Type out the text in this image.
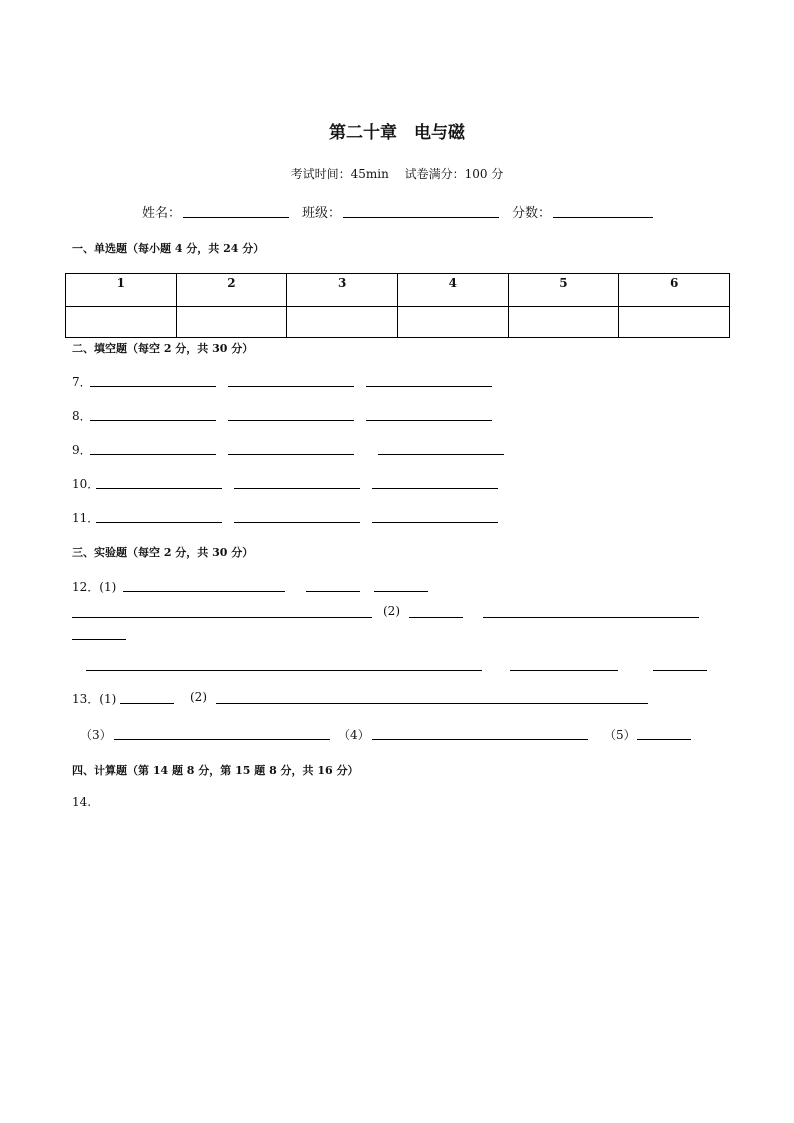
第二十章　电与磁
考试时间：45min　 试卷满分：100 分
姓名：	班级：	分数：
一、单选题（每小题 4 分，共 24 分）
1	2	3	4	5	6

二、填空题（每空 2 分，共 30 分）
7．
8．
9．
10．
11．
三、实验题（每空 2 分，共 30 分）
12．(1)
(2)
13．(1)	(2)
（3）	（4）	（5）
四、计算题（第 14 题 8 分，第 15 题 8 分，共 16 分）
14.
